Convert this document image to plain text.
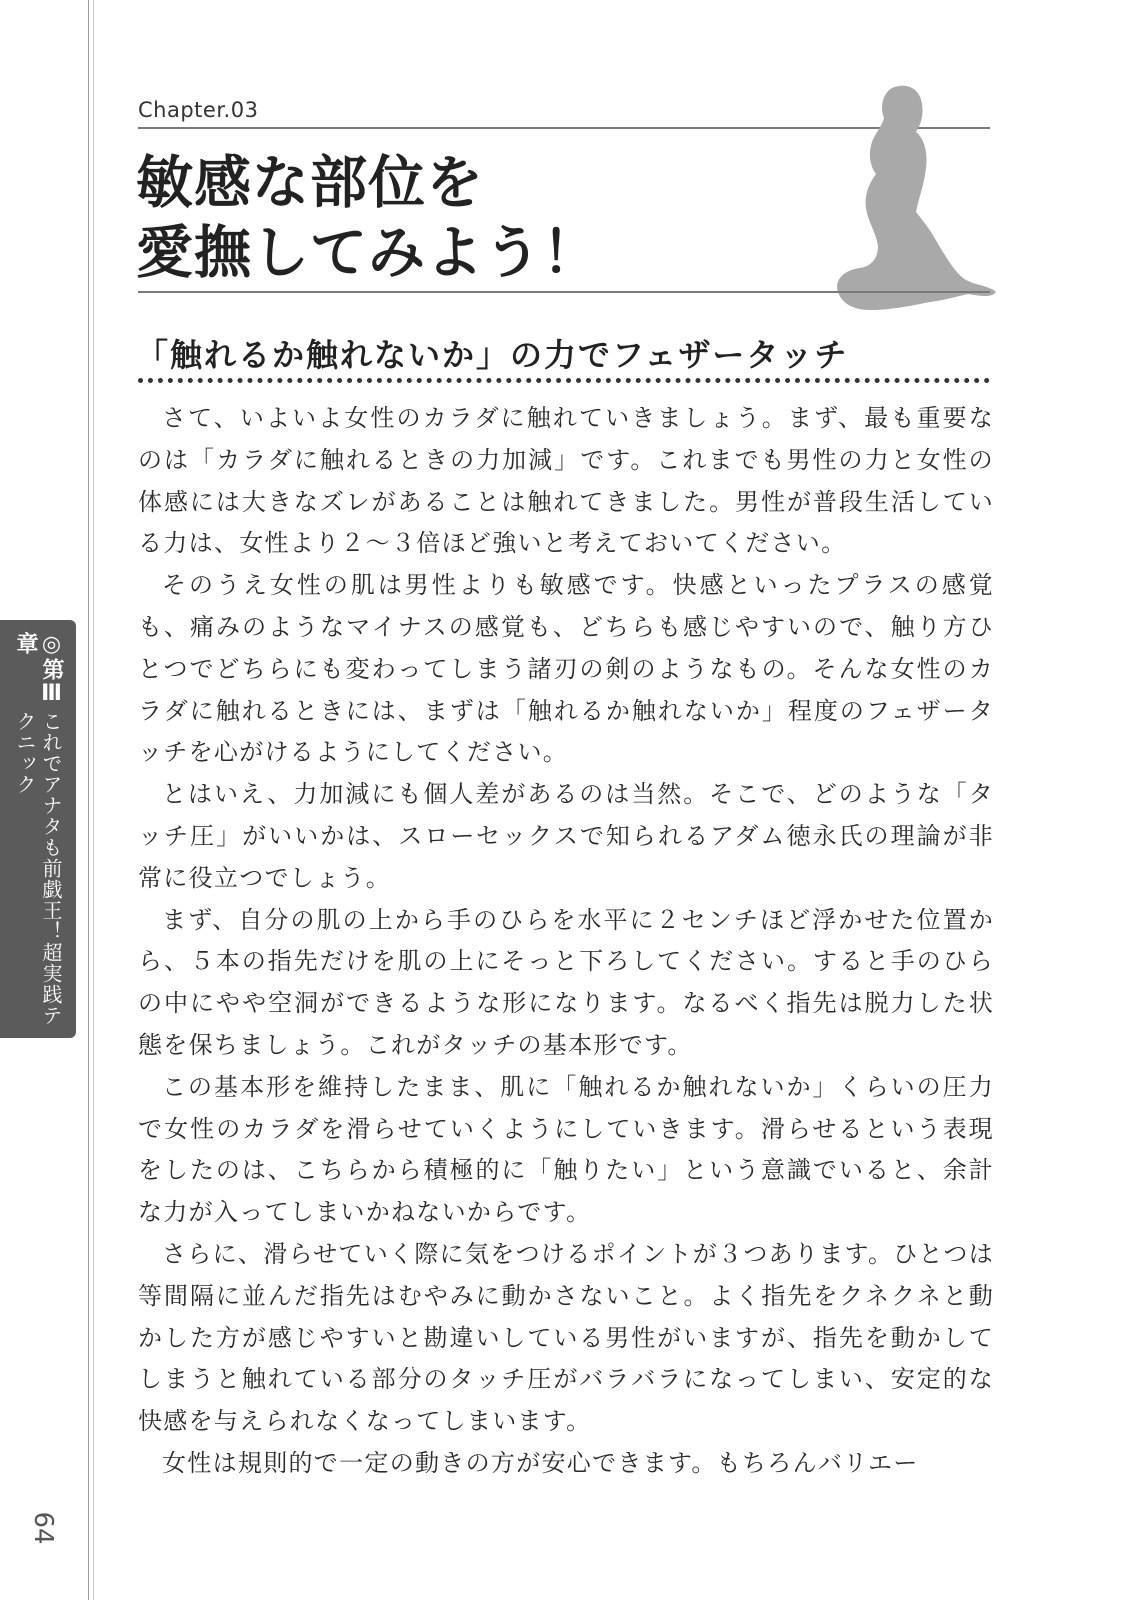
◎第Ⅲ章
これでアナタも前戯王！超実践テクニック
64
Chapter.03
敏感な部位を
愛撫してみよう！
「触れるか触れないか」の力でフェザータッチ

さて、いよいよ女性のカラダに触れていきましょう。まず、最も重要なのは「カラダに触れるときの力加減」です。これまでも男性の力と女性の体感には大きなズレがあることは触れてきました。男性が普段生活している力は、女性より２〜３倍ほど強いと考えておいてください。

そのうえ女性の肌は男性よりも敏感です。快感といったプラスの感覚も、痛みのようなマイナスの感覚も、どちらも感じやすいので、触り方ひとつでどちらにも変わってしまう諸刃の剣のようなもの。そんな女性のカラダに触れるときには、まずは「触れるか触れないか」程度のフェザータッチを心がけるようにしてください。

とはいえ、力加減にも個人差があるのは当然。そこで、どのような「タッチ圧」がいいかは、スローセックスで知られるアダム徳永氏の理論が非常に役立つでしょう。

まず、自分の肌の上から手のひらを水平に２センチほど浮かせた位置から、５本の指先だけを肌の上にそっと下ろしてください。すると手のひらの中にやや空洞ができるような形になります。なるべく指先は脱力した状態を保ちましょう。これがタッチの基本形です。

この基本形を維持したまま、肌に「触れるか触れないか」くらいの圧力で女性のカラダを滑らせていくようにしていきます。滑らせるという表現をしたのは、こちらから積極的に「触りたい」という意識でいると、余計な力が入ってしまいかねないからです。

さらに、滑らせていく際に気をつけるポイントが３つあります。ひとつは等間隔に並んだ指先はむやみに動かさないこと。よく指先をクネクネと動かした方が感じやすいと勘違いしている男性がいますが、指先を動かしてしまうと触れている部分のタッチ圧がバラバラになってしまい、安定的な快感を与えられなくなってしまいます。

女性は規則的で一定の動きの方が安心できます。もちろんバリエー
